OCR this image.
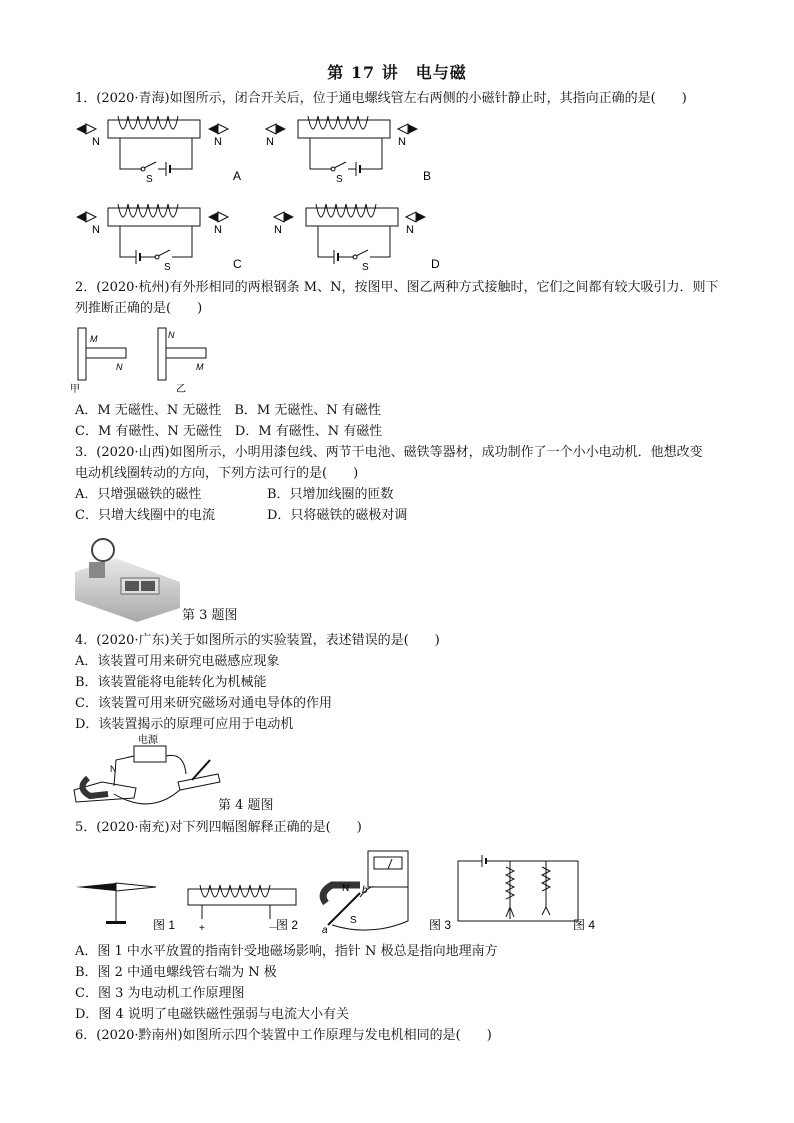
第 17 讲　电与磁
1．(2020·青海)如图所示，闭合开关后，位于通电螺线管左右两侧的小磁针静止时，其指向正确的是(　　)
N
S
N
A
N
S
N
B
N
S
N
C
N
S
N
D
2．(2020·杭州)有外形相同的两根钢条 M、N，按图甲、图乙两种方式接触时，它们之间都有较大吸引力．则下
列推断正确的是(　　)
M
N
甲
N
M
乙
A．M 无磁性、N 无磁性　B．M 无磁性、N 有磁性
C．M 有磁性、N 无磁性　D．M 有磁性、N 有磁性
3．(2020·山西)如图所示，小明用漆包线、两节干电池、磁铁等器材，成功制作了一个小小电动机．他想改变
电动机线圈转动的方向，下列方法可行的是(　　)
A．只增强磁铁的磁性	B．只增加线圈的匝数
C．只增大线圈中的电流	D．只将磁铁的磁极对调
第 3 题图
4．(2020·广东)关于如图所示的实验装置，表述错误的是(　　)
A．该装置可用来研究电磁感应现象
B．该装置能将电能转化为机械能
C．该装置可用来研究磁场对通电导体的作用
D．该装置揭示的原理可应用于电动机
电源
N
第 4 题图
5．(2020·南充)对下列四幅图解释正确的是(　　)
图 1 +	－
图 2
N
S
a
b
图 3	图 4
A．图 1 中水平放置的指南针受地磁场影响，指针 N 极总是指向地理南方
B．图 2 中通电螺线管右端为 N 极
C．图 3 为电动机工作原理图
D．图 4 说明了电磁铁磁性强弱与电流大小有关
6．(2020·黔南州)如图所示四个装置中工作原理与发电机相同的是(　　)
